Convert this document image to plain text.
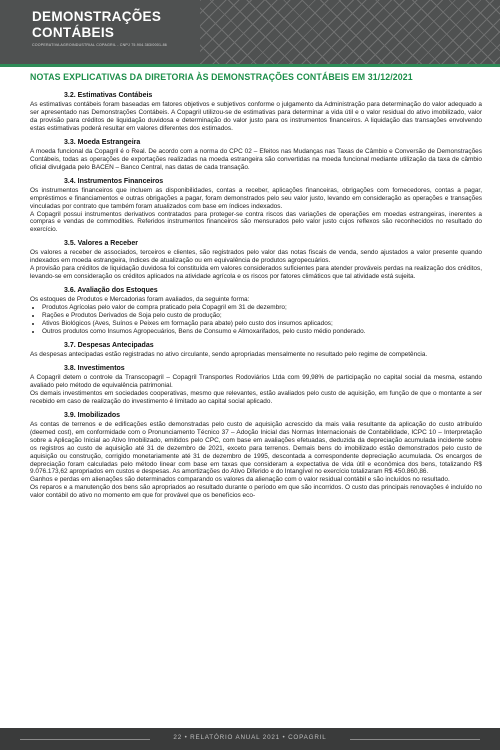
DEMONSTRAÇÕES
CONTÁBEIS
COOPERATIVA AGROINDUSTRIAL COPAGRIL - CNPJ 75.904.383/0001-86
NOTAS EXPLICATIVAS DA DIRETORIA ÀS DEMONSTRAÇÕES CONTÁBEIS EM 31/12/2021
3.2. Estimativas Contábeis

As estimativas contábeis foram baseadas em fatores objetivos e subjetivos conforme o julgamento da Administração para determinação do valor adequado a ser apresentado nas Demonstrações Contábeis. A Copagril utilizou-se de estimativas para determinar a vida útil e o valor residual do ativo imobilizado, valor da provisão para créditos de liquidação duvidosa e determinação do valor justo para os instrumentos financeiros. A liquidação das transações envolvendo estas estimativas poderá resultar em valores diferentes dos estimados.

3.3. Moeda Estrangeira

A moeda funcional da Copagril é o Real. De acordo com a norma do CPC 02 – Efeitos nas Mudanças nas Taxas de Câmbio e Conversão de Demonstrações Contábeis, todas as operações de exportações realizadas na moeda estrangeira são convertidas na moeda funcional mediante utilização da taxa de câmbio oficial divulgada pelo BACEN – Banco Central, nas datas de cada transação.

3.4. Instrumentos Financeiros

Os instrumentos financeiros que incluem as disponibilidades, contas a receber, aplicações financeiras, obrigações com fornecedores, contas a pagar, empréstimos e financiamentos e outras obrigações a pagar, foram demonstrados pelo seu valor justo, levando em consideração as operações e transações vinculadas por contrato que também foram atualizados com base em índices indexados.

A Copagril possui instrumentos derivativos contratados para proteger-se contra riscos das variações de operações em moedas estrangeiras, inerentes a compras e vendas de commodities. Referidos instrumentos financeiros são mensurados pelo valor justo cujos reflexos são reconhecidos no resultado do exercício.

3.5. Valores a Receber

Os valores a receber de associados, terceiros e clientes, são registrados pelo valor das notas fiscais de venda, sendo ajustados a valor presente quando indexados em moeda estrangeira, índices de atualização ou em equivalência de produtos agropecuários.

A provisão para créditos de liquidação duvidosa foi constituída em valores considerados suficientes para atender prováveis perdas na realização dos créditos, levando-se em consideração os créditos aplicados na atividade agrícola e os riscos por fatores climáticos que tal atividade está sujeita.

3.6. Avaliação dos Estoques

Os estoques de Produtos e Mercadorias foram avaliados, da seguinte forma:

• Produtos Agrícolas pelo valor de compra praticado pela Copagril em 31 de dezembro;
• Rações e Produtos Derivados de Soja pelo custo de produção;
• Ativos Biológicos (Aves, Suínos e Peixes em formação para abate) pelo custo dos insumos aplicados;
• Outros produtos como Insumos Agropecuários, Bens de Consumo e Almoxarifados, pelo custo médio ponderado.
3.7. Despesas Antecipadas

As despesas antecipadas estão registradas no ativo circulante, sendo apropriadas mensalmente no resultado pelo regime de competência.

3.8. Investimentos

A Copagril detem o controle da Transcopagril – Copagril Transportes Rodoviários Ltda com 99,98% de participação no capital social da mesma, estando avaliado pelo método de equivalência patrimonial.

Os demais investimentos em sociedades cooperativas, mesmo que relevantes, estão avaliados pelo custo de aquisição, em função de que o montante a ser recebido em caso de realização do investimento é limitado ao capital social aplicado.

3.9. Imobilizados

As contas de terrenos e de edificações estão demonstradas pelo custo de aquisição acrescido da mais valia resultante da aplicação do custo atribuído (deemed cost), em conformidade com o Pronunciamento Técnico 37 – Adoção Inicial das Normas Internacionais de Contabilidade, ICPC 10 – Interpretação sobre a Aplicação Inicial ao Ativo Imobilizado, emitidos pelo CPC, com base em avaliações efetuadas, deduzida da depreciação acumulada incidente sobre os registros ao custo de aquisição até 31 de dezembro de 2021, exceto para terrenos. Demais bens do imobilizado estão demonstrados pelo custo de aquisição ou construção, corrigido monetariamente até 31 de dezembro de 1995, descontada a correspondente depreciação acumulada. Os encargos de depreciação foram calculadas pelo método linear com base em taxas que consideram a expectativa de vida útil e econômica dos bens, totalizando R$ 9.076.173,62 apropriados em custos e despesas. As amortizações do Ativo Diferido e do Intangível no exercício totalizaram R$ 450.860,86.

Ganhos e perdas em alienações são determinados comparando os valores da alienação com o valor residual contábil e são incluídos no resultado.

Os reparos e a manutenção dos bens são apropriados ao resultado durante o período em que são incorridos. O custo das principais renovações é incluído no valor contábil do ativo no momento em que for provável que os benefícios eco-

22 • RELATÓRIO ANUAL 2021 • COPAGRIL
